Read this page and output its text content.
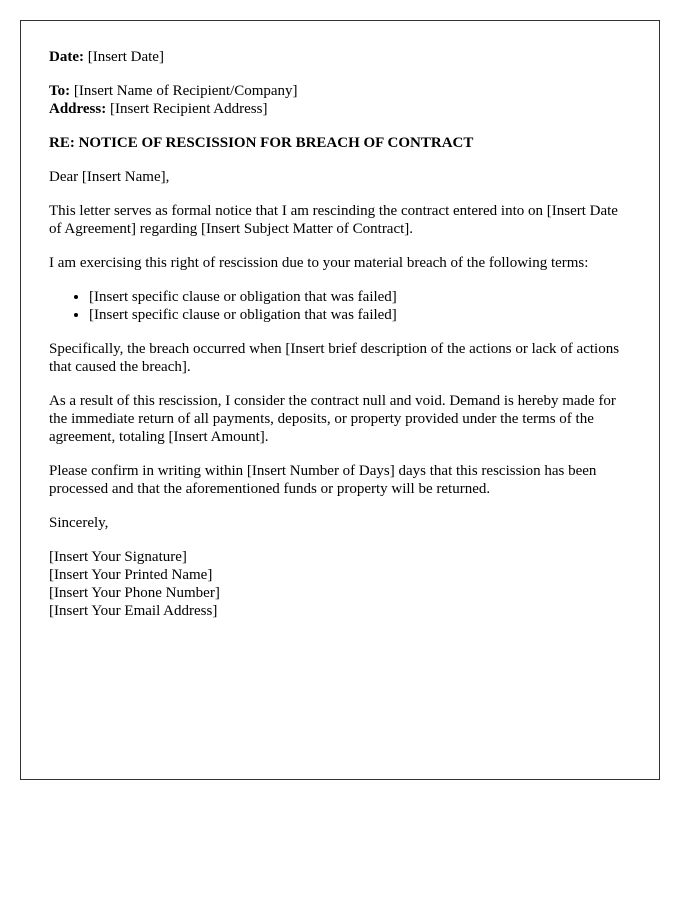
Date: [Insert Date]

To: [Insert Name of Recipient/Company]

Address: [Insert Recipient Address]

RE: NOTICE OF RESCISSION FOR BREACH OF CONTRACT

Dear [Insert Name],

This letter serves as formal notice that I am rescinding the contract entered into on [Insert Date of Agreement] regarding [Insert Subject Matter of Contract].

I am exercising this right of rescission due to your material breach of the following terms:

• [Insert specific clause or obligation that was failed]
• [Insert specific clause or obligation that was failed]

Specifically, the breach occurred when [Insert brief description of the actions or lack of actions that caused the breach].

As a result of this rescission, I consider the contract null and void. Demand is hereby made for the immediate return of all payments, deposits, or property provided under the terms of the agreement, totaling [Insert Amount].

Please confirm in writing within [Insert Number of Days] days that this rescission has been processed and that the aforementioned funds or property will be returned.

Sincerely,

[Insert Your Signature]

[Insert Your Printed Name]

[Insert Your Phone Number]

[Insert Your Email Address]
